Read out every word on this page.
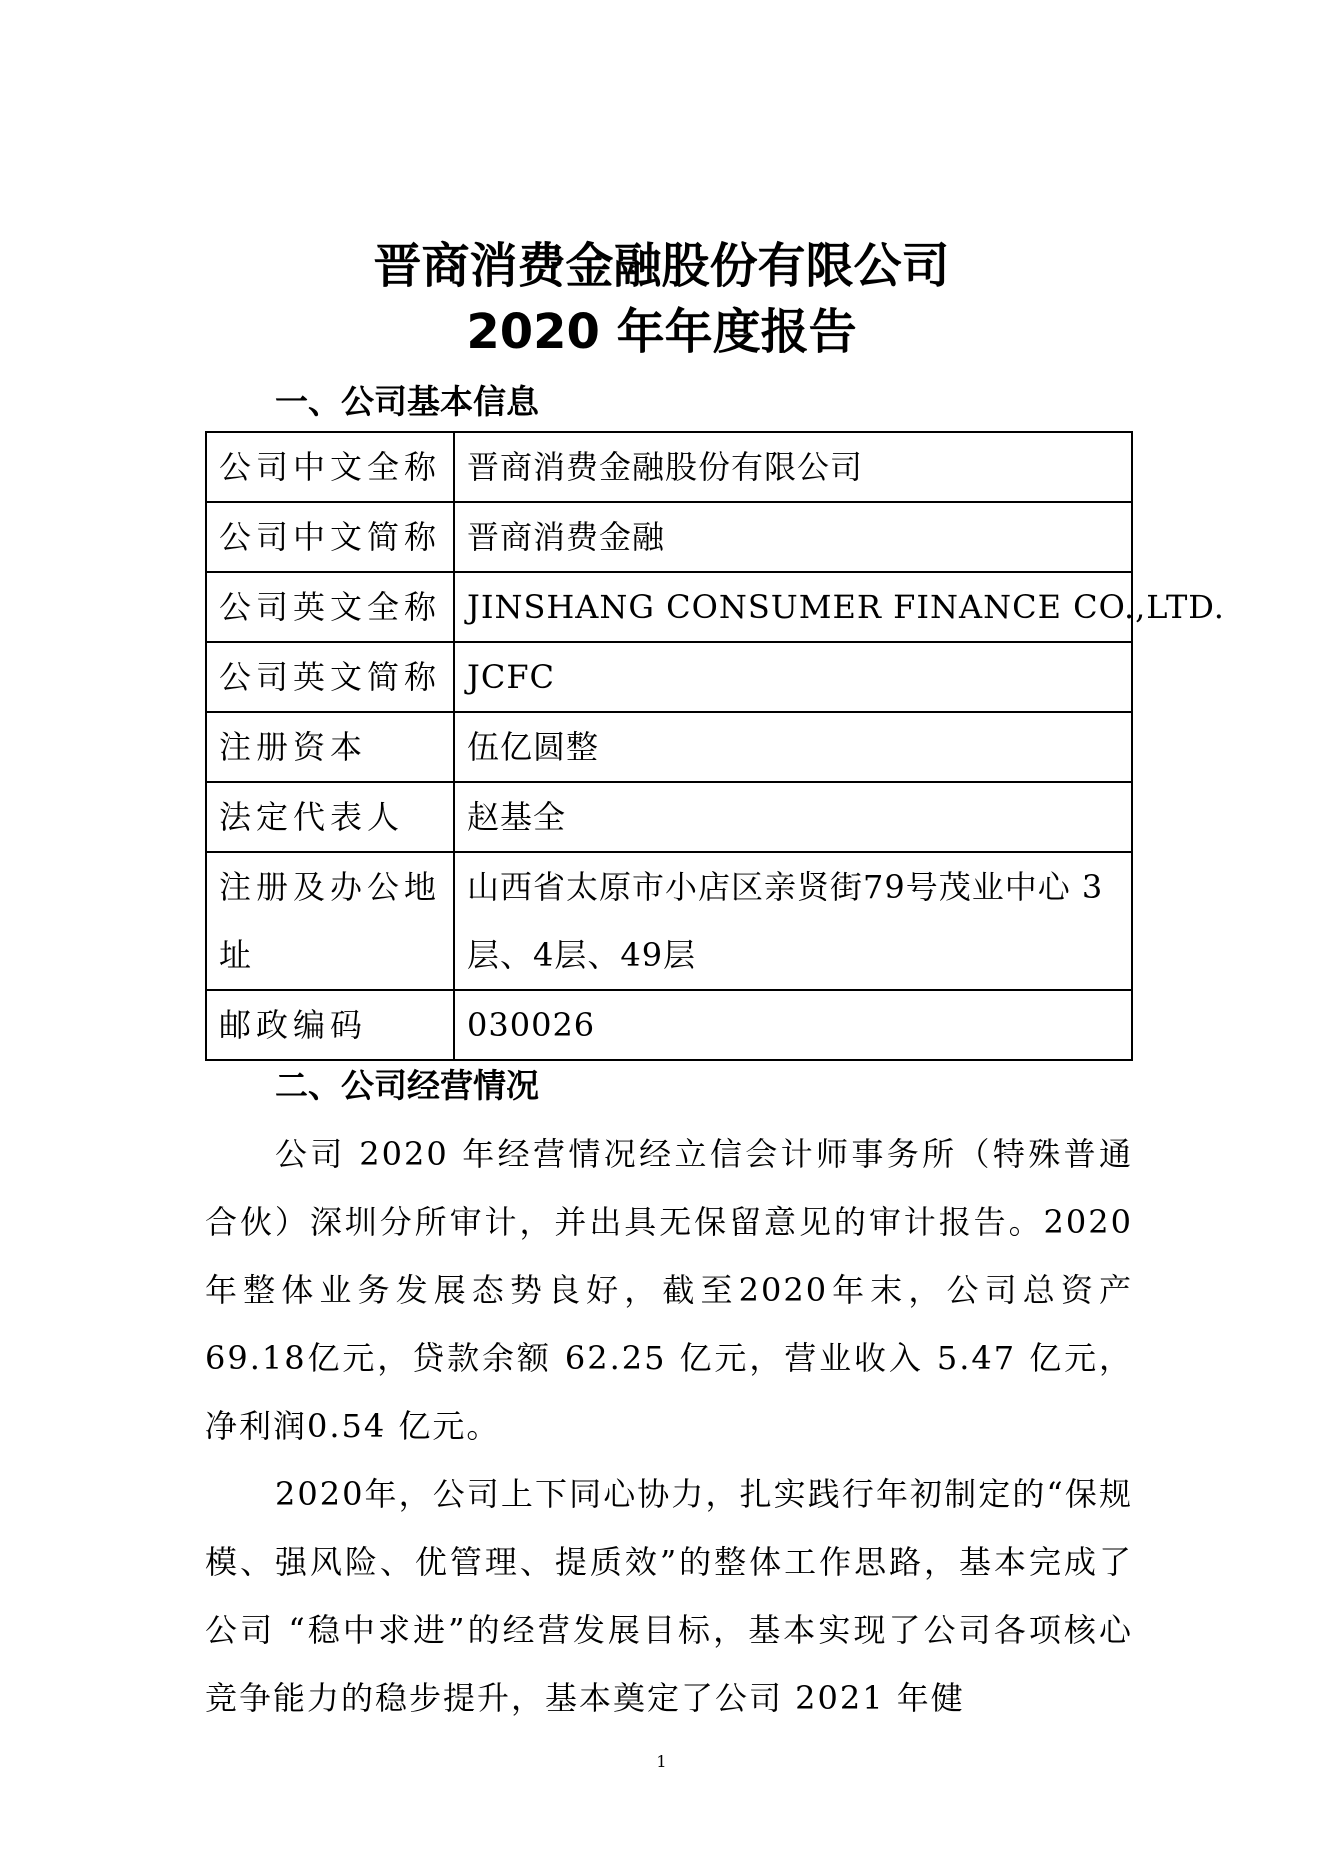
晋商消费金融股份有限公司
2020 年年度报告
一、公司基本信息
公司中文全称	晋商消费金融股份有限公司
公司中文简称	晋商消费金融
公司英文全称	JINSHANG CONSUMER FINANCE CO.,LTD.
公司英文简称	JCFC
注册资本	伍亿圆整
法定代表人	赵基全
注册及办公地址	山西省太原市小店区亲贤街79号茂业中心 3层、4层、49层
邮政编码	030026
二、公司经营情况

公司 2020 年经营情况经立信会计师事务所（特殊普通合伙）深圳分所审计，并出具无保留意见的审计报告。2020 年整体业务发展态势良好，截至2020年末，公司总资产69.18亿元，贷款余额 62.25 亿元，营业收入 5.47 亿元，净利润0.54 亿元。

2020年，公司上下同心协力，扎实践行年初制定的“保规模、强风险、优管理、提质效”的整体工作思路，基本完成了公司 “稳中求进”的经营发展目标，基本实现了公司各项核心竞争能力的稳步提升，基本奠定了公司 2021 年健

1
